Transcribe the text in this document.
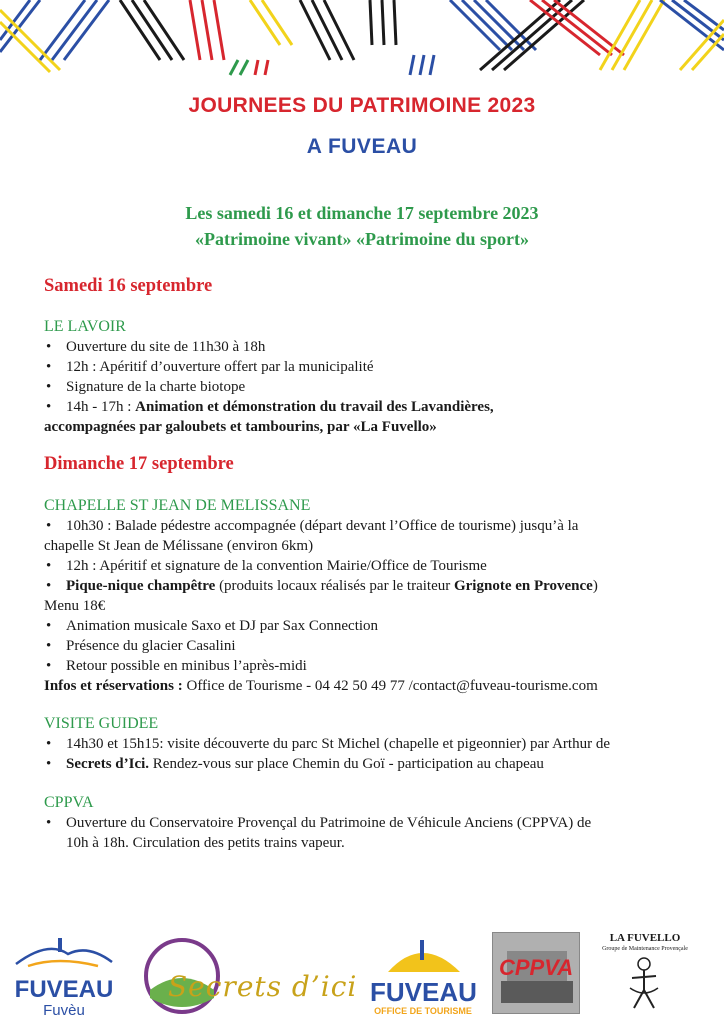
JOURNEES DU PATRIMOINE 2023
A FUVEAU
Les samedi 16 et dimanche 17 septembre 2023
«Patrimoine vivant» «Patrimoine du sport»
Samedi 16 septembre
LE LAVOIR
• Ouverture du site de 11h30 à 18h
• 12h : Apéritif d’ouverture offert par la municipalité
• Signature de la charte biotope
• 14h - 17h : Animation et démonstration du travail des Lavandières,
accompagnées par galoubets et tambourins, par «La Fuvello»
Dimanche 17 septembre
CHAPELLE ST JEAN DE MELISSANE
• 10h30 : Balade pédestre accompagnée (départ devant l’Office de tourisme) jusqu’à la
chapelle St Jean de Mélissane (environ 6km)
• 12h : Apéritif et signature de la convention Mairie/Office de Tourisme
• Pique-nique champêtre (produits locaux réalisés par le traiteur Grignote en Provence)
Menu 18€
• Animation musicale Saxo et DJ par Sax Connection
• Présence du glacier Casalini
• Retour possible en minibus l’après-midi
Infos et réservations : Office de Tourisme - 04 42 50 49 77 /contact@fuveau-tourisme.com
VISITE GUIDEE
• 14h30 et 15h15: visite découverte du parc St Michel (chapelle et pigeonnier) par Arthur de
• Secrets d’Ici. Rendez-vous sur place Chemin du Goï - participation au chapeau
CPPVA
• Ouverture du Conservatoire Provençal du Patrimoine de Véhicule Anciens (CPPVA) de
10h à 18h. Circulation des petits trains vapeur.
FUVEAU
Fuvèu
Secrets d’ici FUVEAU
OFFICE DE TOURISME
CPPVA
LA FUVELLO
Groupe de Maintenance Provençale
